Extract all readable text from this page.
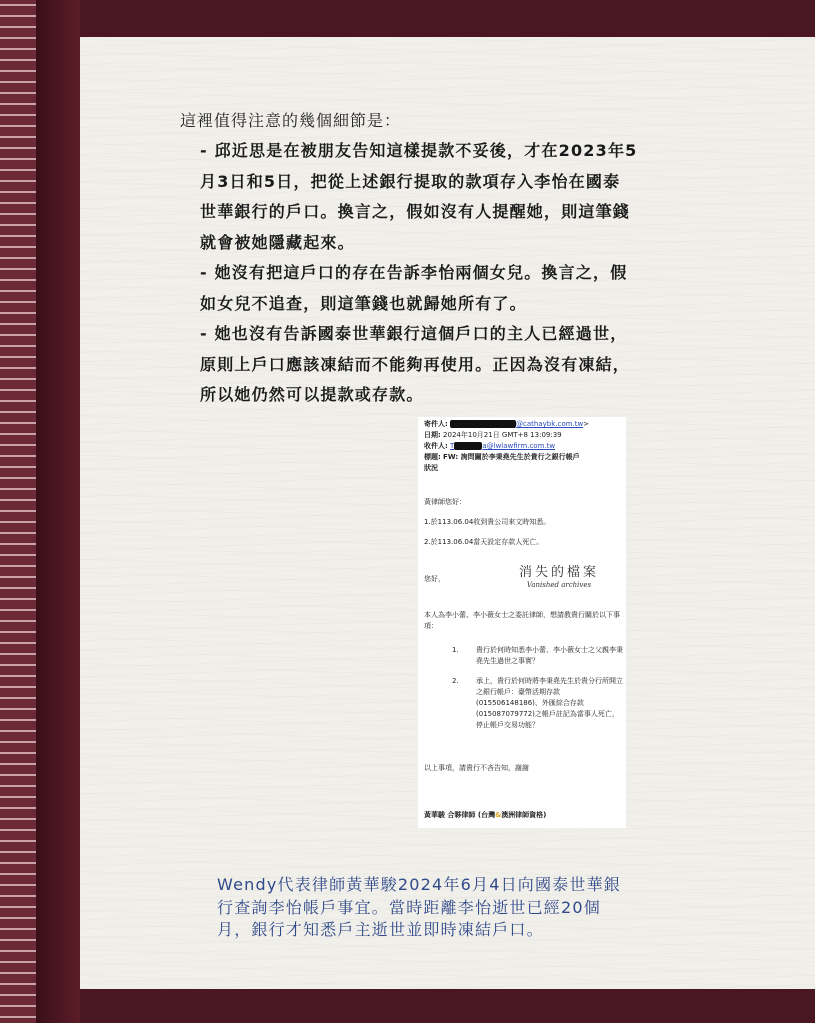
這裡值得注意的幾個細節是：

- 邱近思是在被朋友告知這樣提款不妥後，才在2023年5

月3日和5日，把從上述銀行提取的款項存入李怡在國泰

世華銀行的戶口。換言之，假如沒有人提醒她，則這筆錢

就會被她隱藏起來。

- 她沒有把這戶口的存在告訴李怡兩個女兒。換言之，假

如女兒不追查，則這筆錢也就歸她所有了。

- 她也沒有告訴國泰世華銀行這個戶口的主人已經過世，

原則上戶口應該凍結而不能夠再使用。正因為沒有凍結，

所以她仍然可以提款或存款。

寄件人:	@cathaybk.com.tw>
日期: 2024年10月21日 GMT+8 13:09:39
收件人: T	a@lwlawfirm.com.tw
標題: FW: 詢問關於李秉堯先生於貴行之銀行帳戶
狀況
黃律師您好：
1.於113.06.04收到貴公司來文時知悉。
2.於113.06.04當天設定存款人死亡。
您好，	消失的檔案
Vanished archives
本人為李小蕾、李小薇女士之委託律師，想請教貴行關於以下事項：
1. 貴行於何時知悉李小蕾、李小薇女士之父親李秉堯先生過世之事實？
2. 承上，貴行於何時將李秉堯先生於貴分行所開立之銀行帳戶：臺幣活期存款(015506148186)、外匯綜合存款(015087079772)之帳戶註記為當事人死亡，停止帳戶交易功能？
以上事項，請貴行不吝告知，謝謝
黃華駿 合夥律師 (台灣&澳洲律師資格)

Wendy代表律師黃華駿2024年6月4日向國泰世華銀

行查詢李怡帳戶事宜。當時距離李怡逝世已經20個

月，銀行才知悉戶主逝世並即時凍結戶口。
